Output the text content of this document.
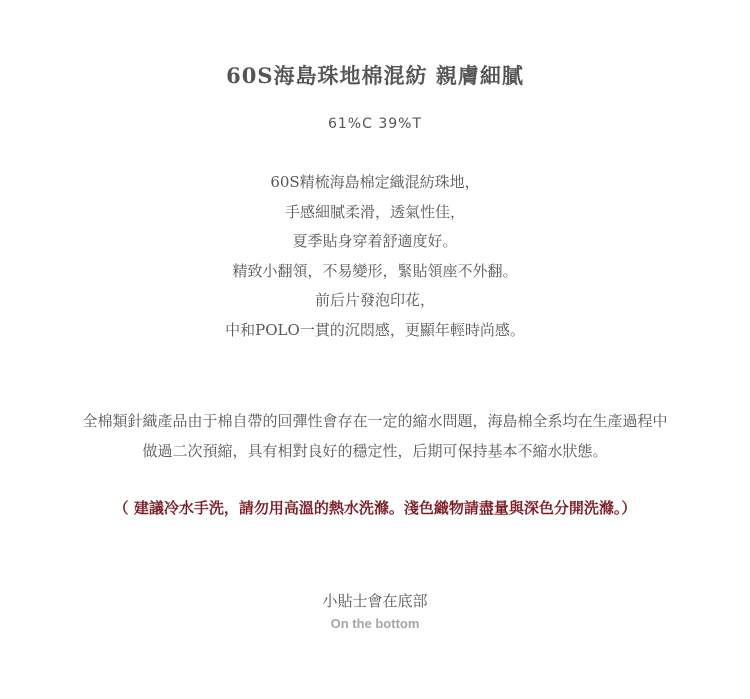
60S海島珠地棉混紡 親膚細膩
61%C 39%T
60S精梳海島棉定織混紡珠地，
手感細膩柔滑，透氣性佳，
夏季貼身穿着舒適度好。
精致小翻領，不易變形，緊貼領座不外翻。
前后片發泡印花，
中和POLO一貫的沉悶感，更顯年輕時尚感。
全棉類針織產品由于棉自帶的回彈性會存在一定的縮水問題，海島棉全系均在生產過程中
做過二次預縮，具有相對良好的穩定性，后期可保持基本不縮水狀態。
（ 建議冷水手洗，請勿用高溫的熱水洗滌。淺色織物請盡量與深色分開洗滌。）
小貼士會在底部
On the bottom
